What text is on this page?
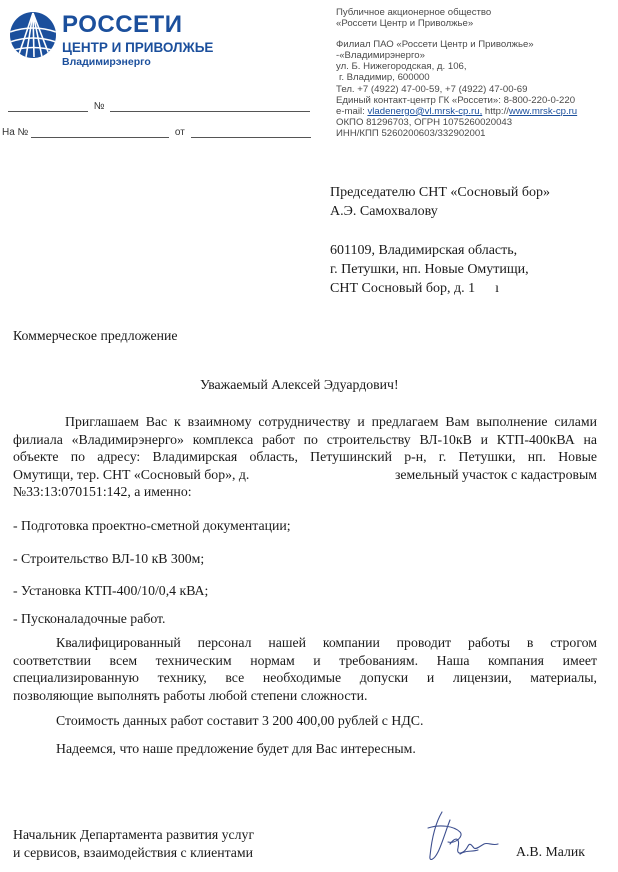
РОССЕТИ
ЦЕНТР И ПРИВОЛЖЬЕ
Владимирэнерго
Публичное акционерное общество
«Россети Центр и Приволжье»
Филиал ПАО «Россети Центр и Приволжье» -«Владимирэнерго»
ул. Б. Нижегородская, д. 106,
г. Владимир, 600000
Тел. +7 (4922) 47-00-59, +7 (4922) 47-00-69
Единый контакт-центр ГК «Россети»: 8-800-220-0-220
e-mail: vladenergo@vl.mrsk-cp.ru, http://www.mrsk-cp.ru
ОКПО 81296703, ОГРН 1075260020043
ИНН/КПП 5260200603/332902001
№
На №	от
Председателю СНТ «Сосновый бор»
А.Э. Самохвалову
601109, Владимирская область,
г. Петушки, нп. Новые Омутищи,
СНТ Сосновый бор, д. 1 ı
Коммерческое предложение
Уважаемый Алексей Эдуардович!
Приглашаем Вас к взаимному сотрудничеству и предлагаем Вам выполнение силами
филиала «Владимирэнерго» комплекса работ по строительству ВЛ-10кВ и КТП-400кВА на
объекте по адресу: Владимирская область, Петушинский р-н, г. Петушки, нп. Новые
Омутищи, тер. СНТ «Сосновый бор», д.	земельный участок с кадастровым
№33:13:070151:142, а именно:
- Подготовка проектно-сметной документации;
- Строительство ВЛ-10 кВ 300м;
- Установка КТП-400/10/0,4 кВА;
- Пусконаладочные работ.
Квалифицированный персонал нашей компании проводит работы в строгом
соответствии всем техническим нормам и требованиям. Наша компания имеет
специализированную технику, все необходимые допуски и лицензии, материалы,
позволяющие выполнять работы любой степени сложности.
Стоимость данных работ составит 3 200 400,00 рублей с НДС.
Надеемся, что наше предложение будет для Вас интересным.
Начальник Департамента развития услуг
и сервисов, взаимодействия с клиентами	А.В. Малик
